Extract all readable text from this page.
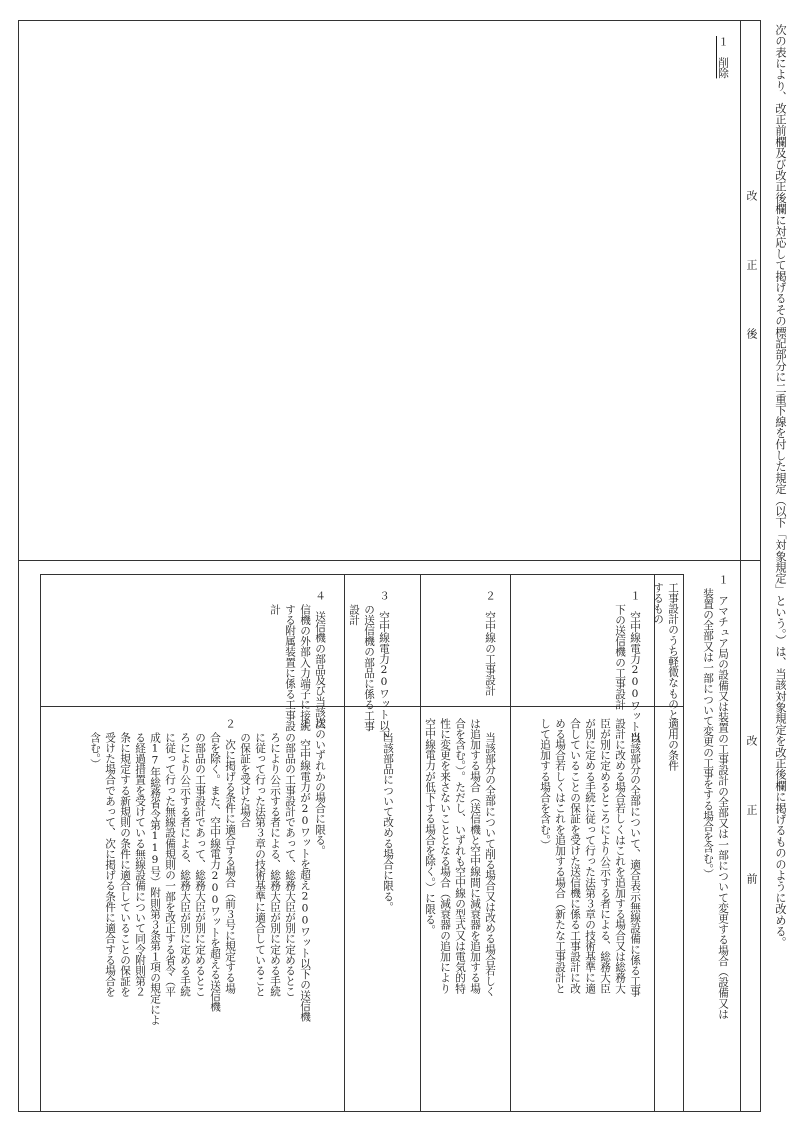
次の表により、改正前欄及び改正後欄に対応して掲げるその標記部分に二重下線を付した規定（以下「対象規定」という。）は、当該対象規定を改正後欄に掲げるもののように改める。
改正後
改正前
１　削除
１　アマチュア局の設備又は装置の工事設計の全部又は一部について変更する場合（設備又は
装置の全部又は一部について変更の工事をする場合を含む。）
工事設計のうち軽微なものと
するもの
適用の条件
１　空中線電力200ワット以
下の送信機の工事設計
当該部分の全部について、適合表示無線設備に係る工事
設計に改める場合若しくはこれを追加する場合又は総務大
臣が別に定めるところにより公示する者による、総務大臣
が別に定める手続に従って行った法第３章の技術基準に適
合していることの保証を受けた送信機に係る工事設計に改
める場合若しくはこれを追加する場合（新たな工事設計と
して追加する場合を含む。）
２　空中線の工事設計
当該部分の全部について削る場合又は改める場合若しく
は追加する場合（送信機と空中線間に減衰器を追加する場
合を含む。）。ただし、いずれも空中線の型式又は電気的特
性に変更を来さないこととなる場合（減衰器の追加により
空中線電力が低下する場合を除く。）に限る。
３　空中線電力20ワット以下
の送信機の部品に係る工事
設計
当該部品について改める場合に限る。
４　送信機の部品及び当該送
信機の外部入力端子に接続
する附属装置に係る工事設
計
次のいずれかの場合に限る。
１　空中線電力が20ワットを超え200ワット以下の送信機
の部品の工事設計であって、総務大臣が別に定めるとこ
ろにより公示する者による、総務大臣が別に定める手続
に従って行った法第３章の技術基準に適合していること
の保証を受けた場合
２　次に掲げる条件に適合する場合（前３号に規定する場
合を除く。また、空中線電力200ワットを超える送信機
の部品の工事設計であって、総務大臣が別に定めるとこ
ろにより公示する者による、総務大臣が別に定める手続
に従って行った無線設備規則の一部を改正する省令（平
成17年総務省令第119号）附則第３条第１項の規定によ
る経過措置を受けている無線設備について同令附則第２
条に規定する新規則の条件に適合していることの保証を
受けた場合であって、次に掲げる条件に適合する場合を
含む。）
